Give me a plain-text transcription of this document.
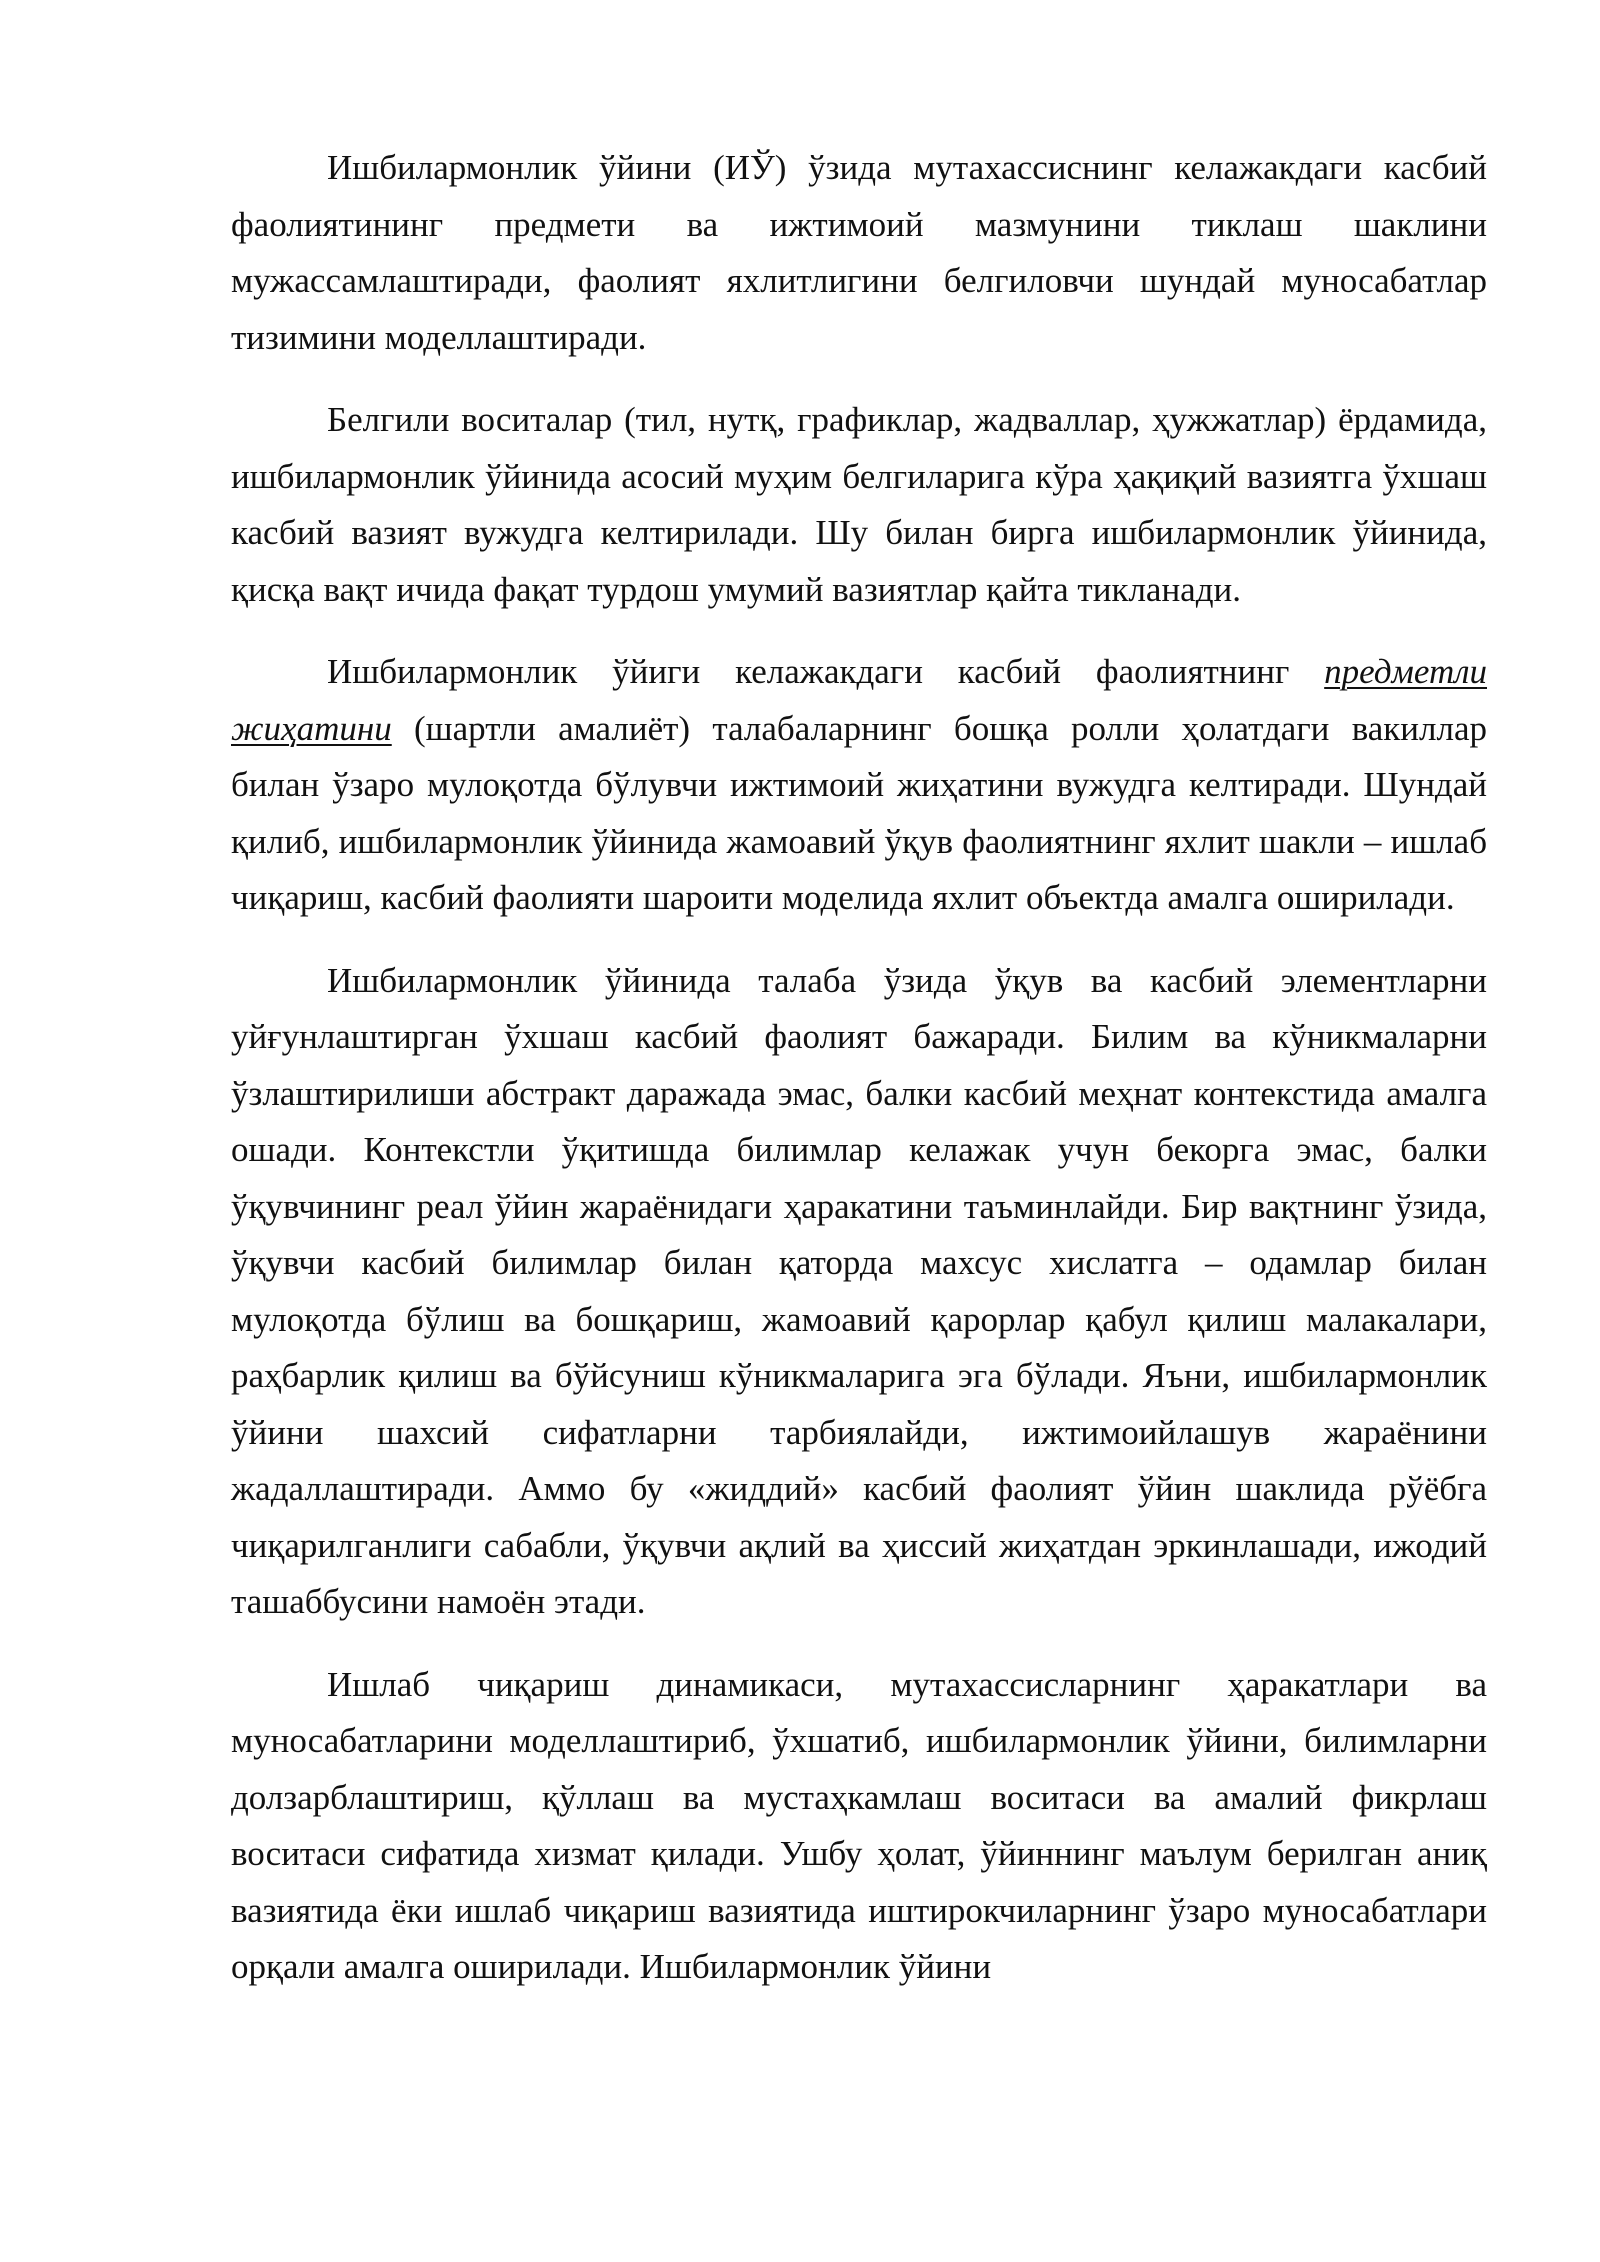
Ишбилармонлик ўйини (ИЎ) ўзида мутахассиснинг келажакдаги касбий фаолиятининг предмети ва ижтимоий мазмунини тиклаш шаклини мужассамлаштиради, фаолият яхлитлигини белгиловчи шундай муносабатлар тизимини моделлаштиради.

Белгили воситалар (тил, нутқ, графиклар, жадваллар, ҳужжатлар) ёрдамида, ишбилармонлик ўйинида асосий муҳим белгиларига кўра ҳақиқий вазиятга ўхшаш касбий вазият вужудга келтирилади. Шу билан бирга ишбилармонлик ўйинида, қисқа вақт ичида фақат турдош умумий вазиятлар қайта тикланади.

Ишбилармонлик ўйиги келажакдаги касбий фаолиятнинг предметли жиҳатини (шартли амалиёт) талабаларнинг бошқа ролли ҳолатдаги вакиллар билан ўзаро мулоқотда бўлувчи ижтимоий жиҳатини вужудга келтиради. Шундай қилиб, ишбилармонлик ўйинида жамоавий ўқув фаолиятнинг яхлит шакли – ишлаб чиқариш, касбий фаолияти шароити моделида яхлит объектда амалга оширилади.

Ишбилармонлик ўйинида талаба ўзида ўқув ва касбий элементларни уйғунлаштирган ўхшаш касбий фаолият бажаради. Билим ва кўникмаларни ўзлаштирилиши абстракт даражада эмас, балки касбий меҳнат контекстида амалга ошади. Контекстли ўқитишда билимлар келажак учун бекорга эмас, балки ўқувчининг реал ўйин жараёнидаги ҳаракатини таъминлайди. Бир вақтнинг ўзида, ўқувчи касбий билимлар билан қаторда махсус хислатга – одамлар билан мулоқотда бўлиш ва бошқариш, жамоавий қарорлар қабул қилиш малакалари, раҳбарлик қилиш ва бўйсуниш кўникмаларига эга бўлади. Яъни, ишбилармонлик ўйини шахсий сифатларни тарбиялайди, ижтимоийлашув жараёнини жадаллаштиради. Аммо бу «жиддий» касбий фаолият ўйин шаклида рўёбга чиқарилганлиги сабабли, ўқувчи ақлий ва ҳиссий жиҳатдан эркинлашади, ижодий ташаббусини намоён этади.

Ишлаб чиқариш динамикаси, мутахассисларнинг ҳаракатлари ва муносабатларини моделлаштириб, ўхшатиб, ишбилармонлик ўйини, билимларни долзарблаштириш, қўллаш ва мустаҳкамлаш воситаси ва амалий фикрлаш воситаси сифатида хизмат қилади. Ушбу ҳолат, ўйиннинг маълум берилган аниқ вазиятида ёки ишлаб чиқариш вазиятида иштирокчиларнинг ўзаро муносабатлари орқали амалга оширилади. Ишбилармонлик ўйини
